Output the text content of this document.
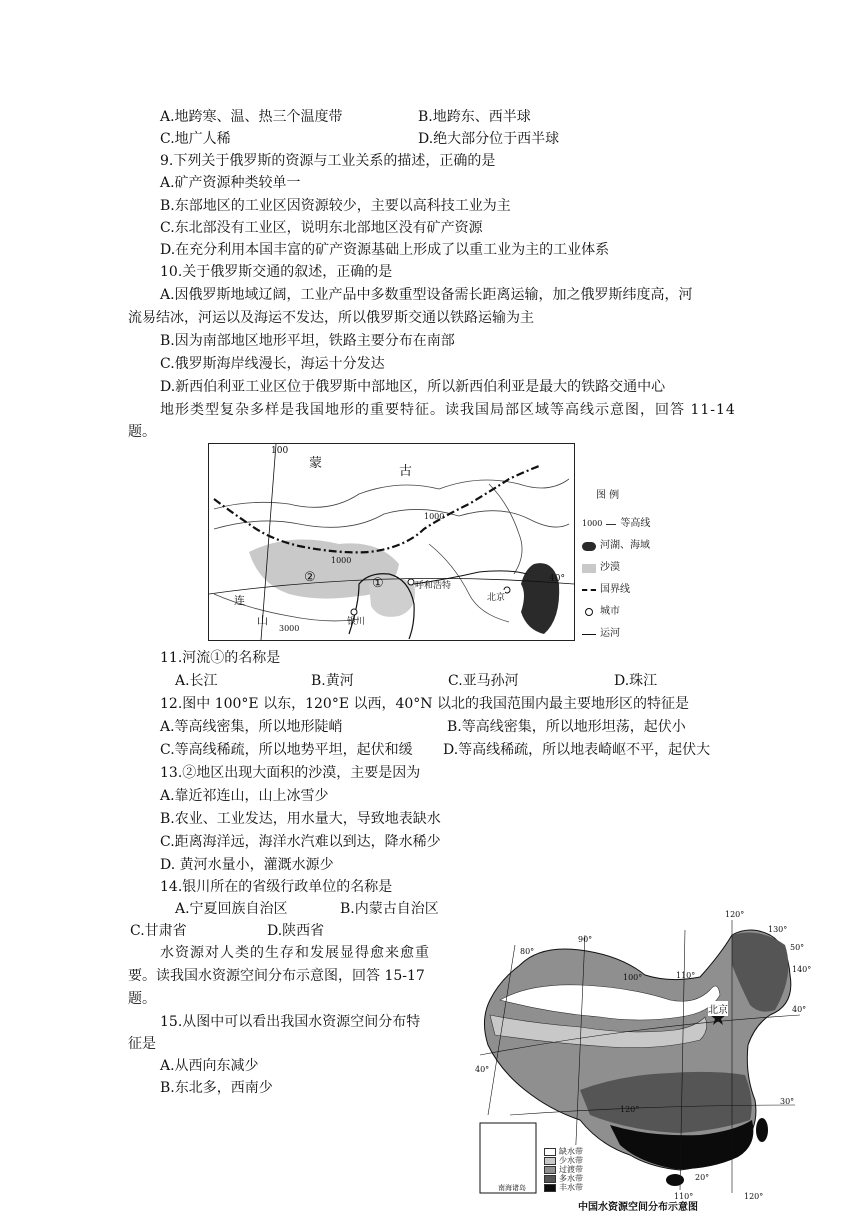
A.地跨寒、温、热三个温度带	B.地跨东、西半球
C.地广人稀	D.绝大部分位于西半球
9.下列关于俄罗斯的资源与工业关系的描述，正确的是
A.矿产资源种类较单一
B.东部地区的工业区因资源较少，主要以高科技工业为主
C.东北部没有工业区，说明东北部地区没有矿产资源
D.在充分利用本国丰富的矿产资源基础上形成了以重工业为主的工业体系
10.关于俄罗斯交通的叙述，正确的是
A.因俄罗斯地域辽阔，工业产品中多数重型设备需长距离运输，加之俄罗斯纬度高，河
流易结冰，河运以及海运不发达，所以俄罗斯交通以铁路运输为主
B.因为南部地区地形平坦，铁路主要分布在南部
C.俄罗斯海岸线漫长，海运十分发达
D.新西伯利亚工业区位于俄罗斯中部地区，所以新西伯利亚是最大的铁路交通中心
地形类型复杂多样是我国地形的重要特征。读我国局部区域等高线示意图，回答 11-14
题。
100
蒙
古
1000
1000
3000
②	①	呼和浩特
银川
北京
40°
连
山
图 例
1000 等高线
河湖、海域
沙漠
国界线
城市
运河
11.河流①的名称是
A.长江	B.黄河	C.亚马孙河	D.珠江
12.图中 100°E 以东，120°E 以西，40°N 以北的我国范围内最主要地形区的特征是
A.等高线密集，所以地形陡峭	B.等高线密集，所以地形坦荡，起伏小
C.等高线稀疏，所以地势平坦，起伏和缓 D.等高线稀疏，所以地表崎岖不平，起伏大
13.②地区出现大面积的沙漠，主要是因为
A.靠近祁连山，山上冰雪少
B.农业、工业发达，用水量大，导致地表缺水
C.距离海洋远，海洋水汽难以到达，降水稀少
D. 黄河水量小，灌溉水源少
14.银川所在的省级行政单位的名称是
A.宁夏回族自治区	B.内蒙古自治区
C.甘肃省	D.陕西省
水资源对人类的生存和发展显得愈来愈重
要。读我国水资源空间分布示意图，回答 15-17
题。
15.从图中可以看出我国水资源空间分布特
征是
A.从西向东减少
B.东北多，西南少
北京
80°
90°
100°	110°
120°
130°
110°	120°
120°
50°
40°
30°
20°
40°
140°
南海诸岛
缺水带
少水带
过渡带
多水带
丰水带
中国水资源空间分布示意图
